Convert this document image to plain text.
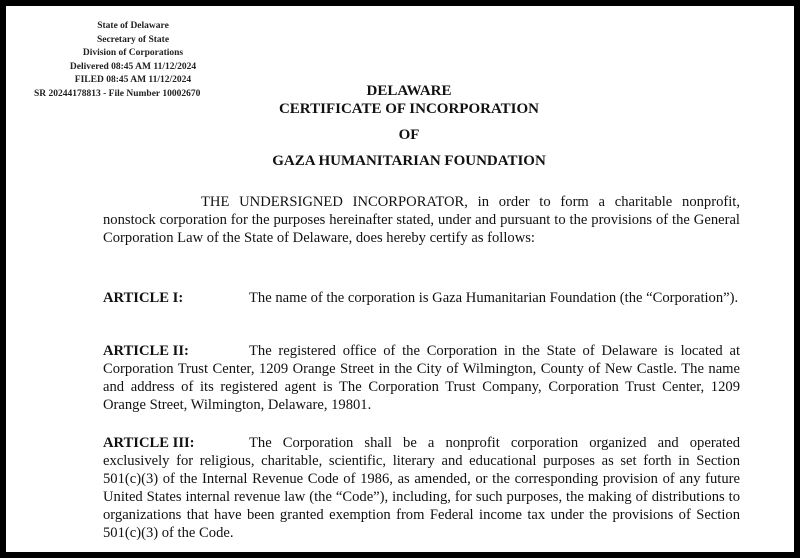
State of Delaware
Secretary of State
Division of Corporations
Delivered 08:45 AM 11/12/2024
FILED 08:45 AM 11/12/2024
SR 20244178813 - File Number 10002670	DELAWARE
CERTIFICATE OF INCORPORATION
OF
GAZA HUMANITARIAN FOUNDATION
THE UNDERSIGNED INCORPORATOR, in order to form a charitable nonprofit, nonstock corporation for the purposes hereinafter stated, under and pursuant to the provisions of the General Corporation Law of the State of Delaware, does hereby certify as follows:
ARTICLE I:	The name of the corporation is Gaza Humanitarian Foundation (the “Corporation”).
ARTICLE II:	The registered office of the Corporation in the State of Delaware is located at Corporation Trust Center, 1209 Orange Street in the City of Wilmington, County of New Castle. The name and address of its registered agent is The Corporation Trust Company, Corporation Trust Center, 1209 Orange Street, Wilmington, Delaware, 19801.
ARTICLE III:	The Corporation shall be a nonprofit corporation organized and operated exclusively for religious, charitable, scientific, literary and educational purposes as set forth in Section 501(c)(3) of the Internal Revenue Code of 1986, as amended, or the corresponding provision of any future United States internal revenue law (the “Code”), including, for such purposes, the making of distributions to organizations that have been granted exemption from Federal income tax under the provisions of Section 501(c)(3) of the Code.
